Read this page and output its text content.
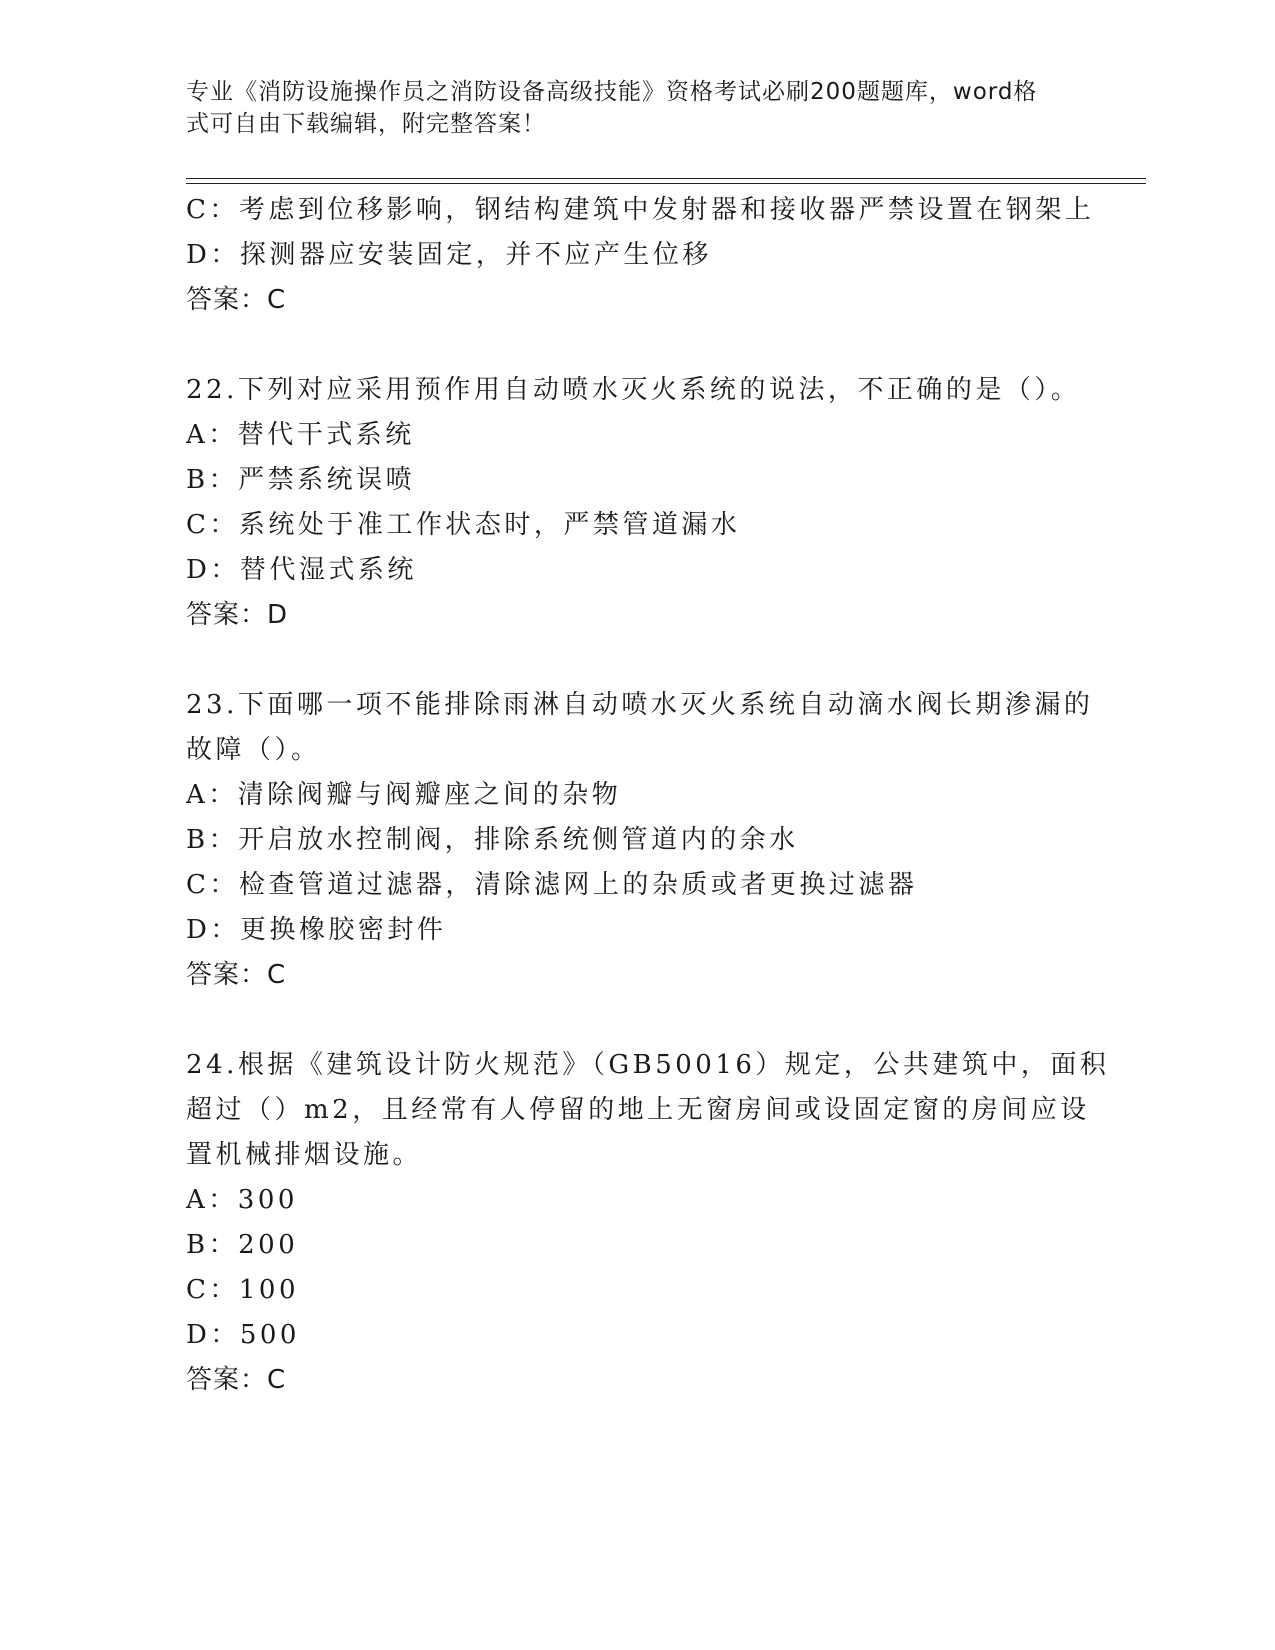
专业《消防设施操作员之消防设备高级技能》资格考试必刷200题题库，word格
式可自由下载编辑，附完整答案！
C：考虑到位移影响，钢结构建筑中发射器和接收器严禁设置在钢架上
D：探测器应安装固定，并不应产生位移
答案：C
22.下列对应采用预作用自动喷水灭火系统的说法，不正确的是（）。
A：替代干式系统
B：严禁系统误喷
C：系统处于准工作状态时，严禁管道漏水
D：替代湿式系统
答案：D
23.下面哪一项不能排除雨淋自动喷水灭火系统自动滴水阀长期渗漏的
故障（）。
A：清除阀瓣与阀瓣座之间的杂物
B：开启放水控制阀，排除系统侧管道内的余水
C：检查管道过滤器，清除滤网上的杂质或者更换过滤器
D：更换橡胶密封件
答案：C
24.根据《建筑设计防火规范》（GB50016）规定，公共建筑中，面积
超过（）m2，且经常有人停留的地上无窗房间或设固定窗的房间应设
置机械排烟设施。
A：300
B：200
C：100
D：500
答案：C
